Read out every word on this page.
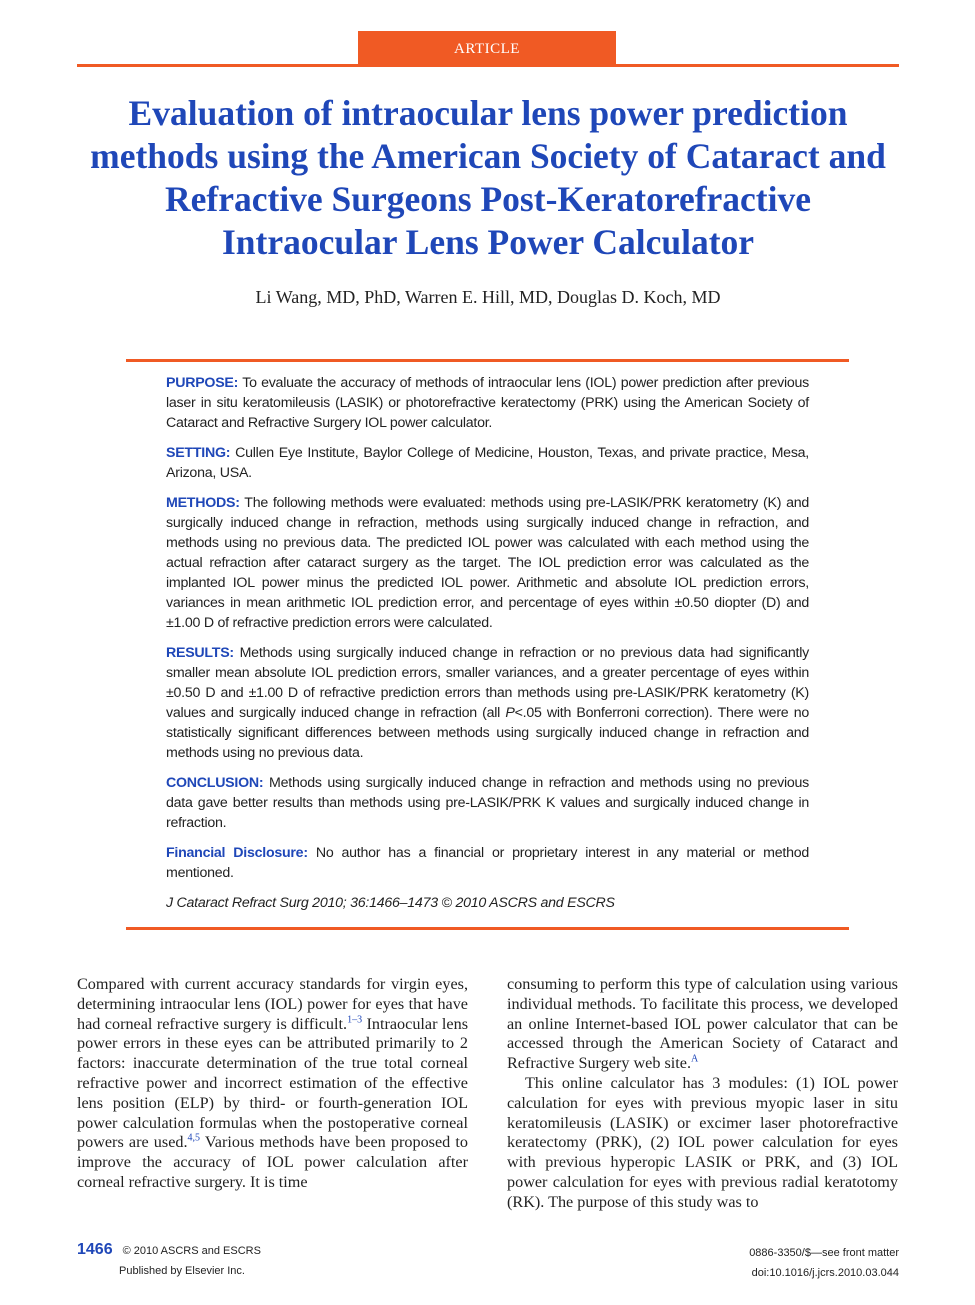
ARTICLE
Evaluation of intraocular lens power prediction methods using the American Society of Cataract and Refractive Surgeons Post-Keratorefractive Intraocular Lens Power Calculator
Li Wang, MD, PhD, Warren E. Hill, MD, Douglas D. Koch, MD

PURPOSE: To evaluate the accuracy of methods of intraocular lens (IOL) power prediction after previous laser in situ keratomileusis (LASIK) or photorefractive keratectomy (PRK) using the American Society of Cataract and Refractive Surgery IOL power calculator.

SETTING: Cullen Eye Institute, Baylor College of Medicine, Houston, Texas, and private practice, Mesa, Arizona, USA.

METHODS: The following methods were evaluated: methods using pre-LASIK/PRK keratometry (K) and surgically induced change in refraction, methods using surgically induced change in refraction, and methods using no previous data. The predicted IOL power was calculated with each method using the actual refraction after cataract surgery as the target. The IOL prediction error was calculated as the implanted IOL power minus the predicted IOL power. Arithmetic and absolute IOL prediction errors, variances in mean arithmetic IOL prediction error, and percentage of eyes within ±0.50 diopter (D) and ±1.00 D of refractive prediction errors were calculated.

RESULTS: Methods using surgically induced change in refraction or no previous data had significantly smaller mean absolute IOL prediction errors, smaller variances, and a greater percentage of eyes within ±0.50 D and ±1.00 D of refractive prediction errors than methods using pre-LASIK/PRK keratometry (K) values and surgically induced change in refraction (all P<.05 with Bonferroni correction). There were no statistically significant differences between methods using surgically induced change in refraction and methods using no previous data.

CONCLUSION: Methods using surgically induced change in refraction and methods using no previous data gave better results than methods using pre-LASIK/PRK K values and surgically induced change in refraction.

Financial Disclosure: No author has a financial or proprietary interest in any material or method mentioned.

J Cataract Refract Surg 2010; 36:1466–1473 © 2010 ASCRS and ESCRS

Compared with current accuracy standards for virgin eyes, determining intraocular lens (IOL) power for eyes that have had corneal refractive surgery is difficult.$^{1-3}$ Intraocular lens power errors in these eyes can be attributed primarily to 2 factors: inaccurate determination of the true total corneal refractive power and incorrect estimation of the effective lens position (ELP) by third- or fourth-generation IOL power calculation formulas when the postoperative corneal powers are used.$^{4,5}$ Various methods have been proposed to improve the accuracy of IOL power calculation after corneal refractive surgery. It is time

consuming to perform this type of calculation using various individual methods. To facilitate this process, we developed an online Internet-based IOL power calculator that can be accessed through the American Society of Cataract and Refractive Surgery web site.$^A$

This online calculator has 3 modules: (1) IOL power calculation for eyes with previous myopic laser in situ keratomileusis (LASIK) or excimer laser photorefractive keratectomy (PRK), (2) IOL power calculation for eyes with previous hyperopic LASIK or PRK, and (3) IOL power calculation for eyes with previous radial keratotomy (RK). The purpose of this study was to

1466 © 2010 ASCRS and ESCRS
Published by Elsevier Inc.
0886-3350/$—see front matter
doi:10.1016/j.jcrs.2010.03.044
